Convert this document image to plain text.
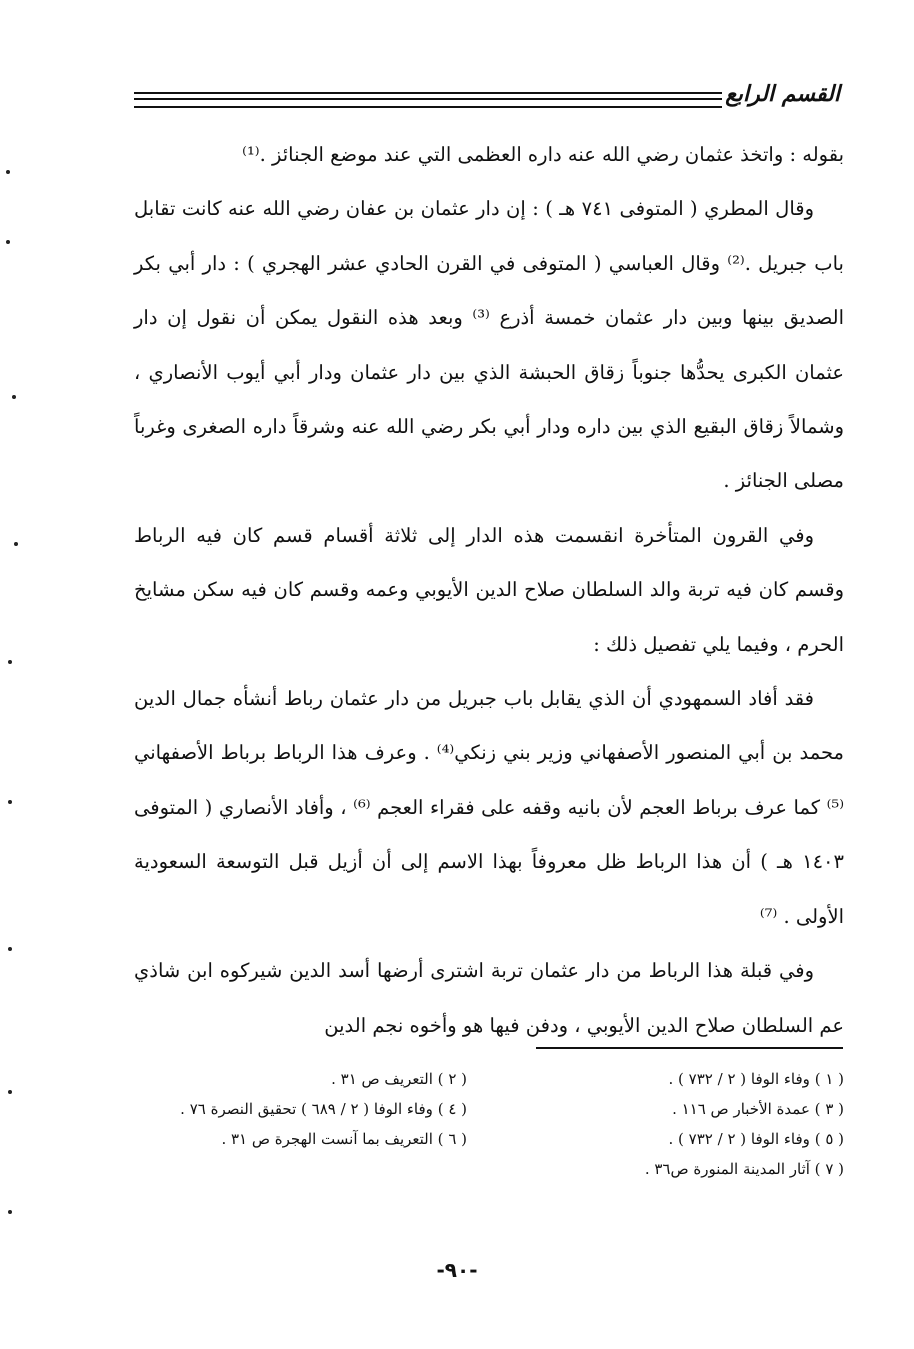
القسم الرابع

بقوله : واتخذ عثمان رضي الله عنه داره العظمى التي عند موضع الجنائز .⁽¹⁾

وقال المطري ( المتوفى ٧٤١ هـ ) : إن دار عثمان بن عفان رضي الله عنه كانت تقابل باب جبريل .⁽²⁾ وقال العباسي ( المتوفى في القرن الحادي عشر الهجري ) : دار أبي بكر الصديق بينها وبين دار عثمان خمسة أذرع ⁽³⁾ وبعد هذه النقول يمكن أن نقول إن دار عثمان الكبرى يحدُّها جنوباً زقاق الحبشة الذي بين دار عثمان ودار أبي أيوب الأنصاري ، وشمالاً زقاق البقيع الذي بين داره ودار أبي بكر رضي الله عنه وشرقاً داره الصغرى وغرباً مصلى الجنائز .

وفي القرون المتأخرة انقسمت هذه الدار إلى ثلاثة أقسام قسم كان فيه الرباط وقسم كان فيه تربة والد السلطان صلاح الدين الأيوبي وعمه وقسم كان فيه سكن مشايخ الحرم ، وفيما يلي تفصيل ذلك :

فقد أفاد السمهودي أن الذي يقابل باب جبريل من دار عثمان رباط أنشأه جمال الدين محمد بن أبي المنصور الأصفهاني وزير بني زنكي⁽⁴⁾ . وعرف هذا الرباط برباط الأصفهاني ⁽⁵⁾ كما عرف برباط العجم لأن بانيه وقفه على فقراء العجم ⁽⁶⁾ ، وأفاد الأنصاري ( المتوفى ١٤٠٣ هـ ) أن هذا الرباط ظل معروفاً بهذا الاسم إلى أن أزيل قبل التوسعة السعودية الأولى . ⁽⁷⁾

وفي قبلة هذا الرباط من دار عثمان تربة اشترى أرضها أسد الدين شيركوه ابن شاذي عم السلطان صلاح الدين الأيوبي ، ودفن فيها هو وأخوه نجم الدين

( ١ ) وفاء الوفا ( ٢ / ٧٣٢ ) .
( ٢ ) التعريف ص ٣١ .
( ٣ ) عمدة الأخبار ص ١١٦ .
( ٤ ) وفاء الوفا ( ٢ / ٦٨٩ ) تحقيق النصرة ٧٦ .
( ٥ ) وفاء الوفا ( ٢ / ٧٣٢ ) .
( ٦ ) التعريف بما آنست الهجرة ص ٣١ .
( ٧ ) آثار المدينة المنورة ص٣٦ .
-٩٠-
